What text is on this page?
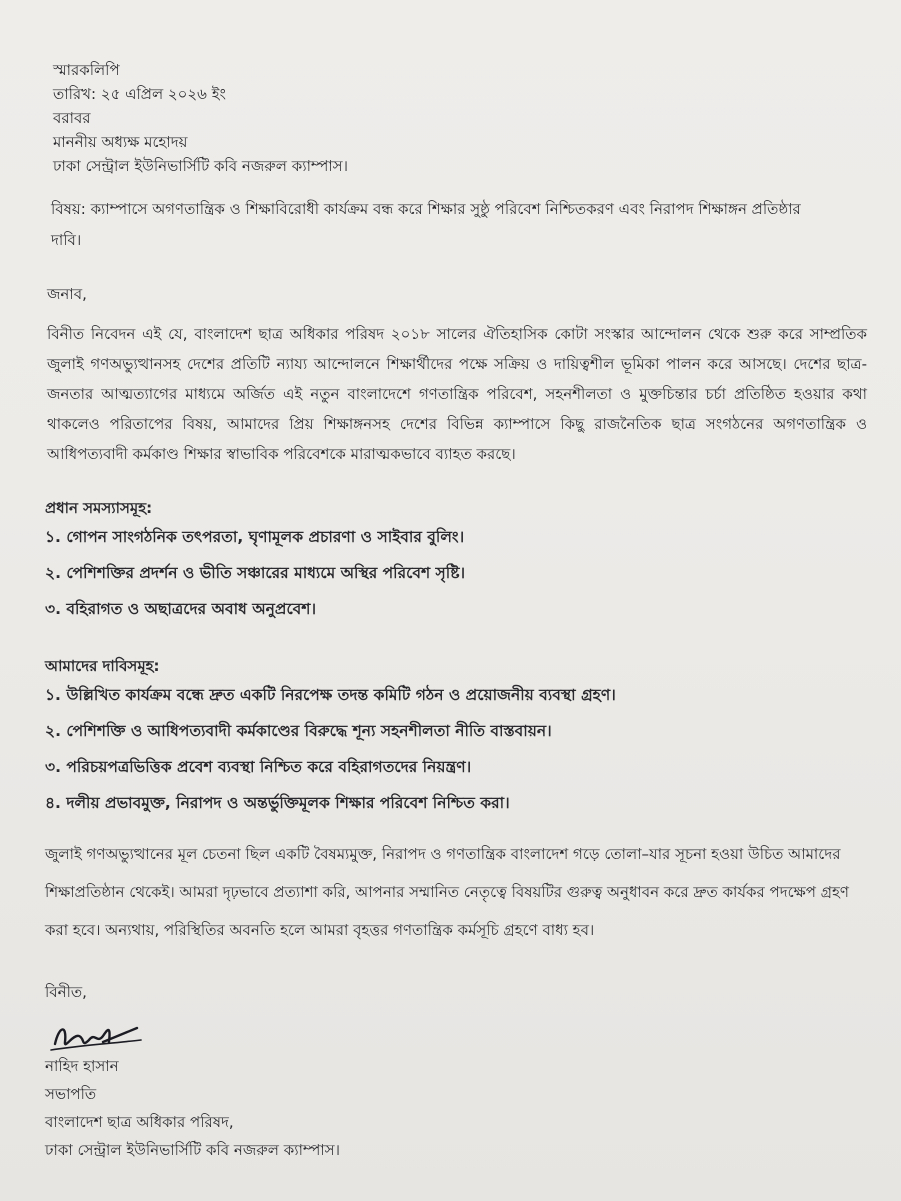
স্মারকলিপি

তারিখ: ২৫ এপ্রিল ২০২৬ ইং

বরাবর

মাননীয় অধ্যক্ষ মহোদয়

ঢাকা সেন্ট্রাল ইউনিভার্সিটি কবি নজরুল ক্যাম্পাস।

বিষয়: ক্যাম্পাসে অগণতান্ত্রিক ও শিক্ষাবিরোধী কার্যক্রম বন্ধ করে শিক্ষার সুষ্ঠু পরিবেশ নিশ্চিতকরণ এবং নিরাপদ শিক্ষাঙ্গন প্রতিষ্ঠার দাবি।

জনাব,

বিনীত নিবেদন এই যে, বাংলাদেশ ছাত্র অধিকার পরিষদ ২০১৮ সালের ঐতিহাসিক কোটা সংস্কার আন্দোলন থেকে শুরু করে সাম্প্রতিক জুলাই গণঅভ্যুত্থানসহ দেশের প্রতিটি ন্যায্য আন্দোলনে শিক্ষার্থীদের পক্ষে সক্রিয় ও দায়িত্বশীল ভূমিকা পালন করে আসছে। দেশের ছাত্র-জনতার আত্মত্যাগের মাধ্যমে অর্জিত এই নতুন বাংলাদেশে গণতান্ত্রিক পরিবেশ, সহনশীলতা ও মুক্তচিন্তার চর্চা প্রতিষ্ঠিত হওয়ার কথা থাকলেও পরিতাপের বিষয়, আমাদের প্রিয় শিক্ষাঙ্গনসহ দেশের বিভিন্ন ক্যাম্পাসে কিছু রাজনৈতিক ছাত্র সংগঠনের অগণতান্ত্রিক ও আধিপত্যবাদী কর্মকাণ্ড শিক্ষার স্বাভাবিক পরিবেশকে মারাত্মকভাবে ব্যাহত করছে।

প্রধান সমস্যাসমূহ:

১. গোপন সাংগঠনিক তৎপরতা, ঘৃণামূলক প্রচারণা ও সাইবার বুলিং।

২. পেশিশক্তির প্রদর্শন ও ভীতি সঞ্চারের মাধ্যমে অস্থির পরিবেশ সৃষ্টি।

৩. বহিরাগত ও অছাত্রদের অবাধ অনুপ্রবেশ।

আমাদের দাবিসমূহ:

১. উল্লিখিত কার্যক্রম বন্ধে দ্রুত একটি নিরপেক্ষ তদন্ত কমিটি গঠন ও প্রয়োজনীয় ব্যবস্থা গ্রহণ।

২. পেশিশক্তি ও আধিপত্যবাদী কর্মকাণ্ডের বিরুদ্ধে শূন্য সহনশীলতা নীতি বাস্তবায়ন।

৩. পরিচয়পত্রভিত্তিক প্রবেশ ব্যবস্থা নিশ্চিত করে বহিরাগতদের নিয়ন্ত্রণ।

৪. দলীয় প্রভাবমুক্ত, নিরাপদ ও অন্তর্ভুক্তিমূলক শিক্ষার পরিবেশ নিশ্চিত করা।

জুলাই গণঅভ্যুত্থানের মূল চেতনা ছিল একটি বৈষম্যমুক্ত, নিরাপদ ও গণতান্ত্রিক বাংলাদেশ গড়ে তোলা–যার সূচনা হওয়া উচিত আমাদের শিক্ষাপ্রতিষ্ঠান থেকেই। আমরা দৃঢ়ভাবে প্রত্যাশা করি, আপনার সম্মানিত নেতৃত্বে বিষয়টির গুরুত্ব অনুধাবন করে দ্রুত কার্যকর পদক্ষেপ গ্রহণ করা হবে। অন্যথায়, পরিস্থিতির অবনতি হলে আমরা বৃহত্তর গণতান্ত্রিক কর্মসূচি গ্রহণে বাধ্য হব।

বিনীত,

নাহিদ হাসান

সভাপতি

বাংলাদেশ ছাত্র অধিকার পরিষদ,

ঢাকা সেন্ট্রাল ইউনিভার্সিটি কবি নজরুল ক্যাম্পাস।
